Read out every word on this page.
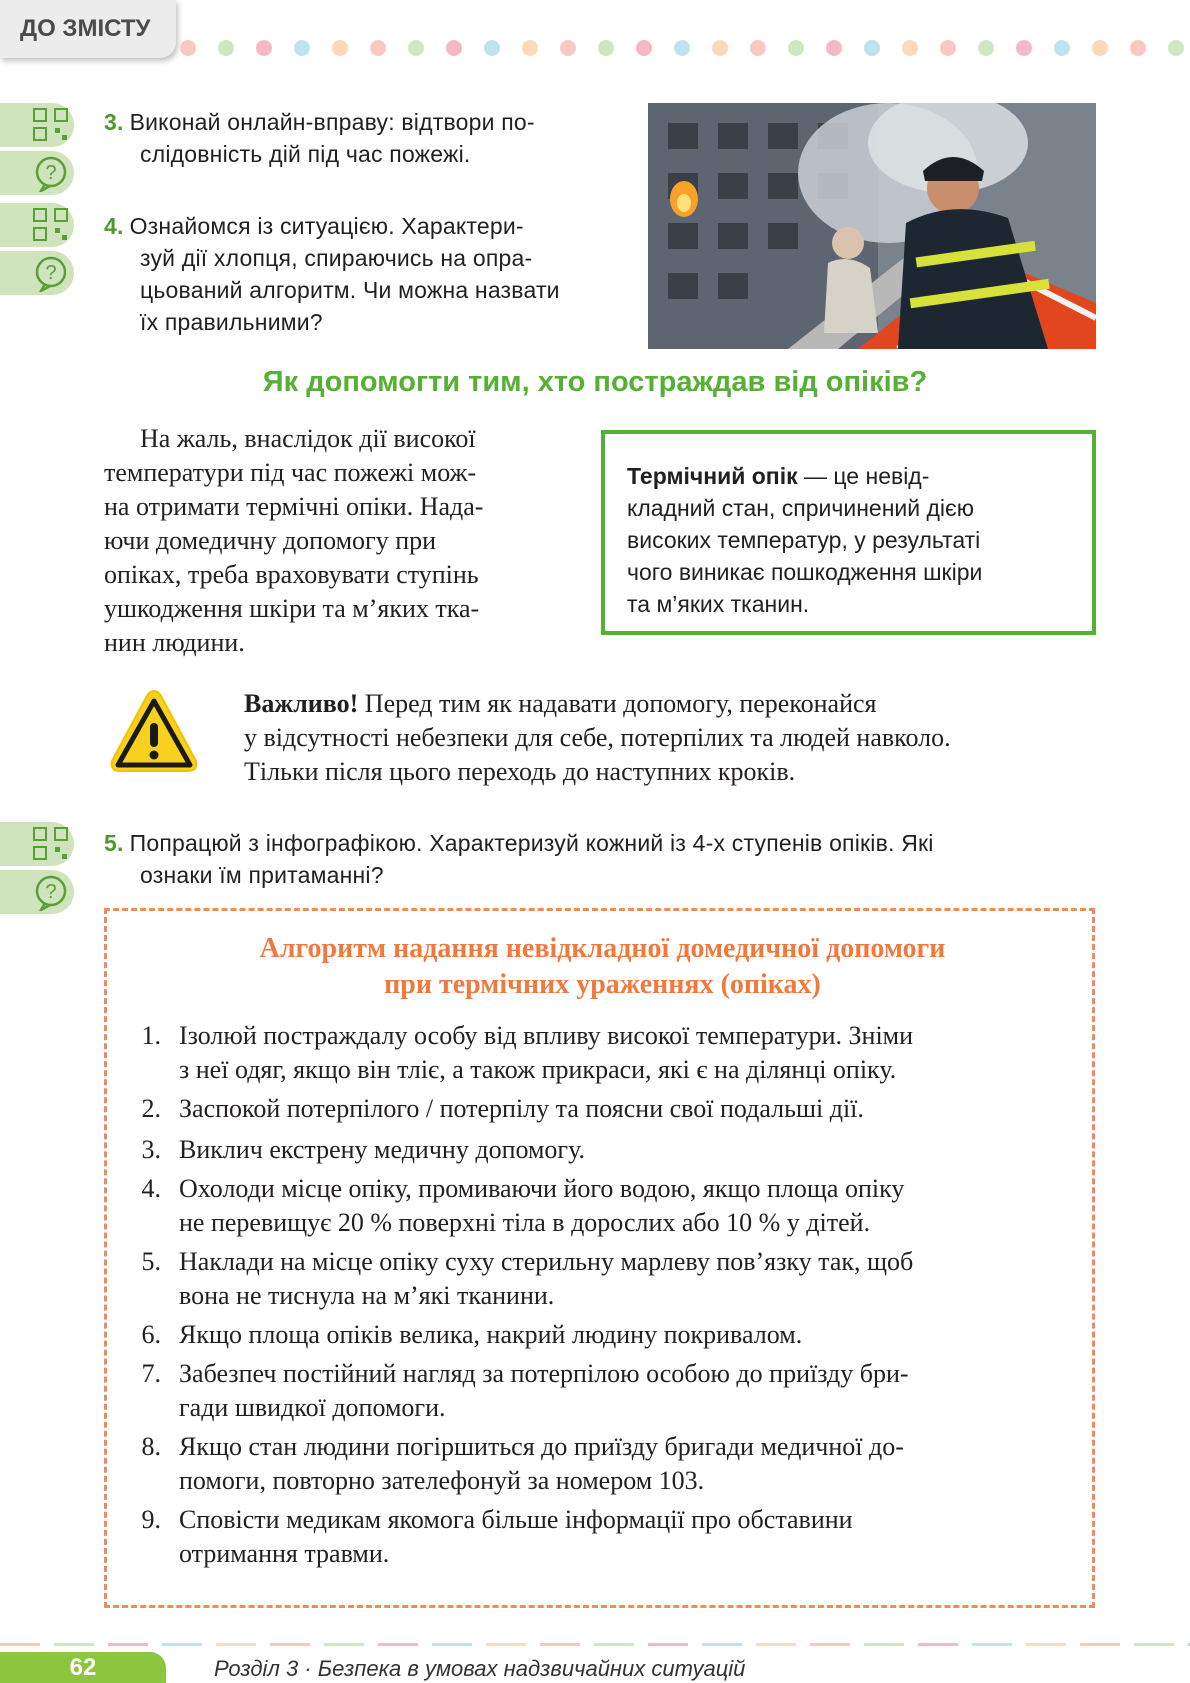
ДО ЗМІСТУ
?
?
3. Виконай онлайн-вправу: відтвори по-
слідовність дій під час пожежі.
4. Ознайомся із ситуацією. Характери-
зуй дії хлопця, спираючись на опра-
цьований алгоритм. Чи можна назвати
їх правильними?
Як допомогти тим, хто постраждав від опіків?
На жаль, внаслідок дії високої
температури під час пожежі мож-
на отримати термічні опіки. Нада-
ючи домедичну допомогу при
опіках, треба враховувати ступінь
ушкодження шкіри та м’яких тка-
нин людини.
Термічний опік — це невід-
кладний стан, спричинений дією
високих температур, у результаті
чого виникає пошкодження шкіри
та м’яких тканин.
Важливо! Перед тим як надавати допомогу, переконайся
у відсутності небезпеки для себе, потерпілих та людей навколо.
Тільки після цього переходь до наступних кроків.
?
5. Попрацюй з інфографікою. Характеризуй кожний із 4-х ступенів опіків. Які
ознаки їм притаманні?
Алгоритм надання невідкладної домедичної допомоги
при термічних ураженнях (опіках)
1. Ізолюй постраждалу особу від впливу високої температури. Зніми
з неї одяг, якщо він тліє, а також прикраси, які є на ділянці опіку.
2. Заспокой потерпілого / потерпілу та поясни свої подальші дії.
3. Виклич екстрену медичну допомогу.
4. Охолоди місце опіку, промиваючи його водою, якщо площа опіку
не перевищує 20 % поверхні тіла в дорослих або 10 % у дітей.
5. Наклади на місце опіку суху стерильну марлеву пов’язку так, щоб
вона не тиснула на м’які тканини.
6. Якщо площа опіків велика, накрий людину покривалом.
7. Забезпеч постійний нагляд за потерпілою особою до приїзду бри-
гади швидкої допомоги.
8. Якщо стан людини погіршиться до приїзду бригади медичної до-
помоги, повторно зателефонуй за номером 103.
9. Сповісти медикам якомога більше інформації про обставини
отримання травми.
62	Розділ 3 · Безпека в умовах надзвичайних ситуацій
